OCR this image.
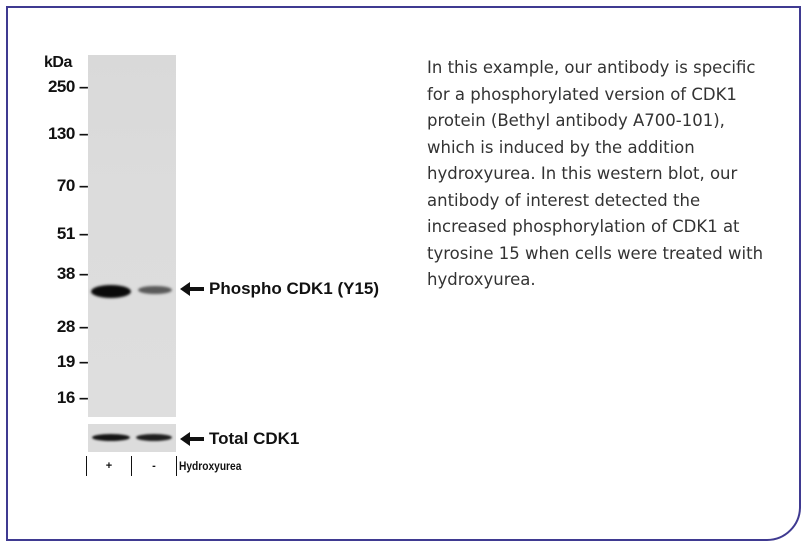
kDa
250 –
130 –
70 –
51 –
38 –
28 –
19 –
16 –
Phospho CDK1 (Y15)
Total CDK1
+	-	Hydroxyurea
In this example, our antibody is specific for a phosphorylated version of CDK1 protein (Bethyl antibody A700-101), which is induced by the addition hydroxyurea. In this western blot, our antibody of interest detected the increased phosphorylation of CDK1 at tyrosine 15 when cells were treated with hydroxyurea.
